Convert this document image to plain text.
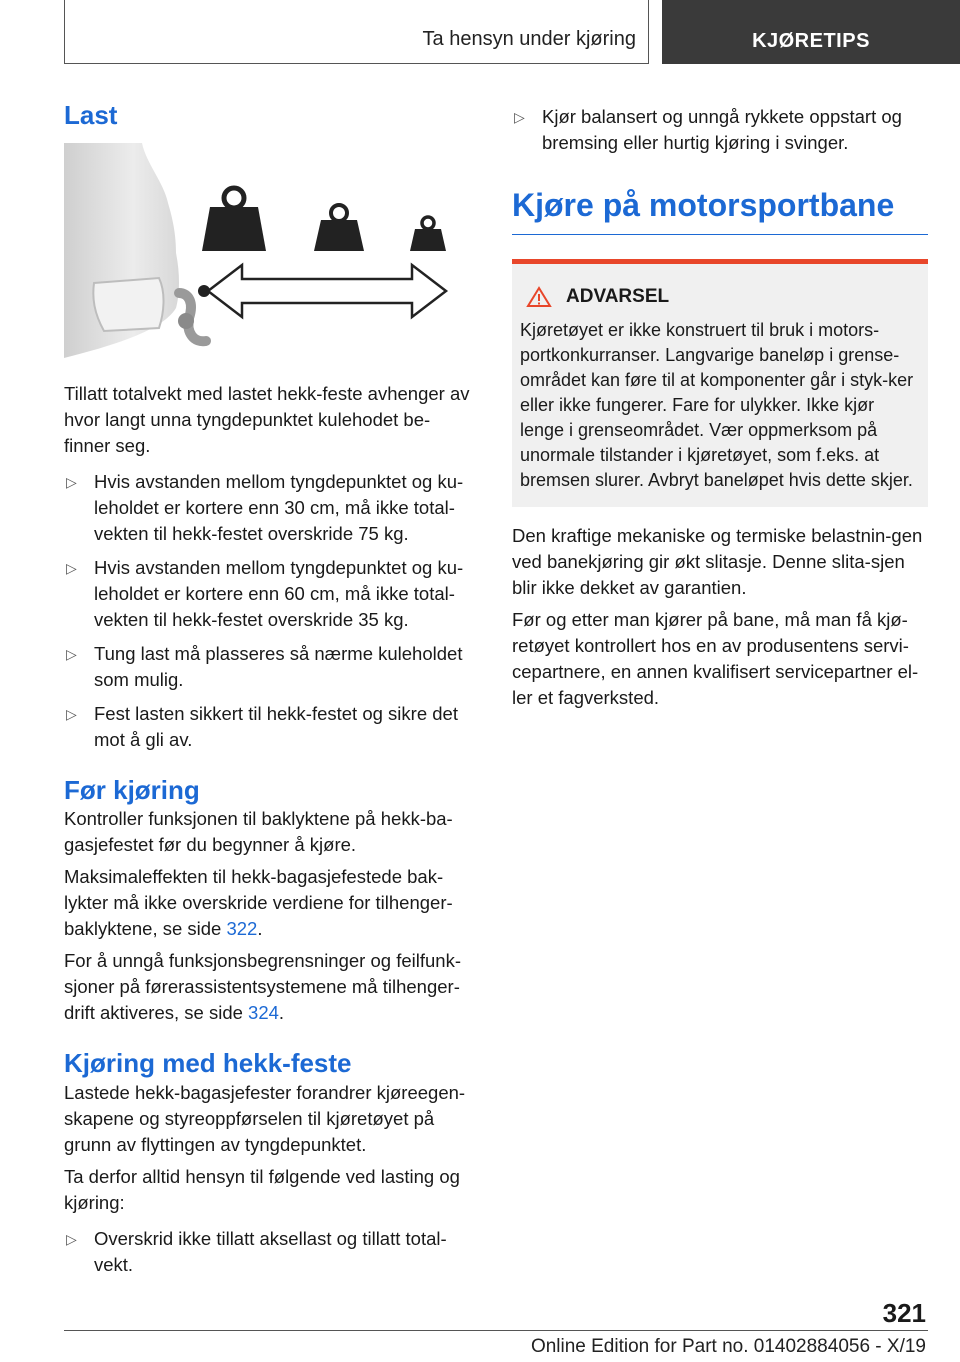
Ta hensyn under kjøring	KJØRETIPS
Last

Tillatt totalvekt med lastet hekk-feste avhenger av hvor langt unna tyngdepunktet kulehodet be-finner seg.

▷ Hvis avstanden mellom tyngdepunktet og ku-leholdet er kortere enn 30 cm, må ikke total-vekten til hekk-festet overskride 75 kg.
▷ Hvis avstanden mellom tyngdepunktet og ku-leholdet er kortere enn 60 cm, må ikke total-vekten til hekk-festet overskride 35 kg.
▷ Tung last må plasseres så nærme kuleholdet som mulig.
▷ Fest lasten sikkert til hekk-festet og sikre det mot å gli av.
Før kjøring

Kontroller funksjonen til baklyktene på hekk-ba-gasjefestet før du begynner å kjøre.

Maksimaleffekten til hekk-bagasjefestede bak-lykter må ikke overskride verdiene for tilhenger-baklyktene, se side 322.

For å unngå funksjonsbegrensninger og feilfunk-sjoner på førerassistentsystemene må tilhenger-drift aktiveres, se side 324.

Kjøring med hekk-feste

Lastede hekk-bagasjefester forandrer kjøreegen-skapene og styreoppførselen til kjøretøyet på grunn av flyttingen av tyngdepunktet.

Ta derfor alltid hensyn til følgende ved lasting og kjøring:

▷ Overskrid ikke tillatt aksellast og tillatt total-vekt.
▷ Kjør balansert og unngå rykkete oppstart og bremsing eller hurtig kjøring i svinger.
Kjøre på motorsportbane
ADVARSEL

Kjøretøyet er ikke konstruert til bruk i motors-portkonkurranser. Langvarige baneløp i grense-området kan føre til at komponenter går i styk-ker eller ikke fungerer. Fare for ulykker. Ikke kjør lenge i grenseområdet. Vær oppmerksom på unormale tilstander i kjøretøyet, som f.eks. at bremsen slurer. Avbryt baneløpet hvis dette skjer.

Den kraftige mekaniske og termiske belastnin-gen ved banekjøring gir økt slitasje. Denne slita-sjen blir ikke dekket av garantien.

Før og etter man kjører på bane, må man få kjø-retøyet kontrollert hos en av produsentens servi-cepartnere, en annen kvalifisert servicepartner el-ler et fagverksted.

321
Online Edition for Part no. 01402884056 - X/19
